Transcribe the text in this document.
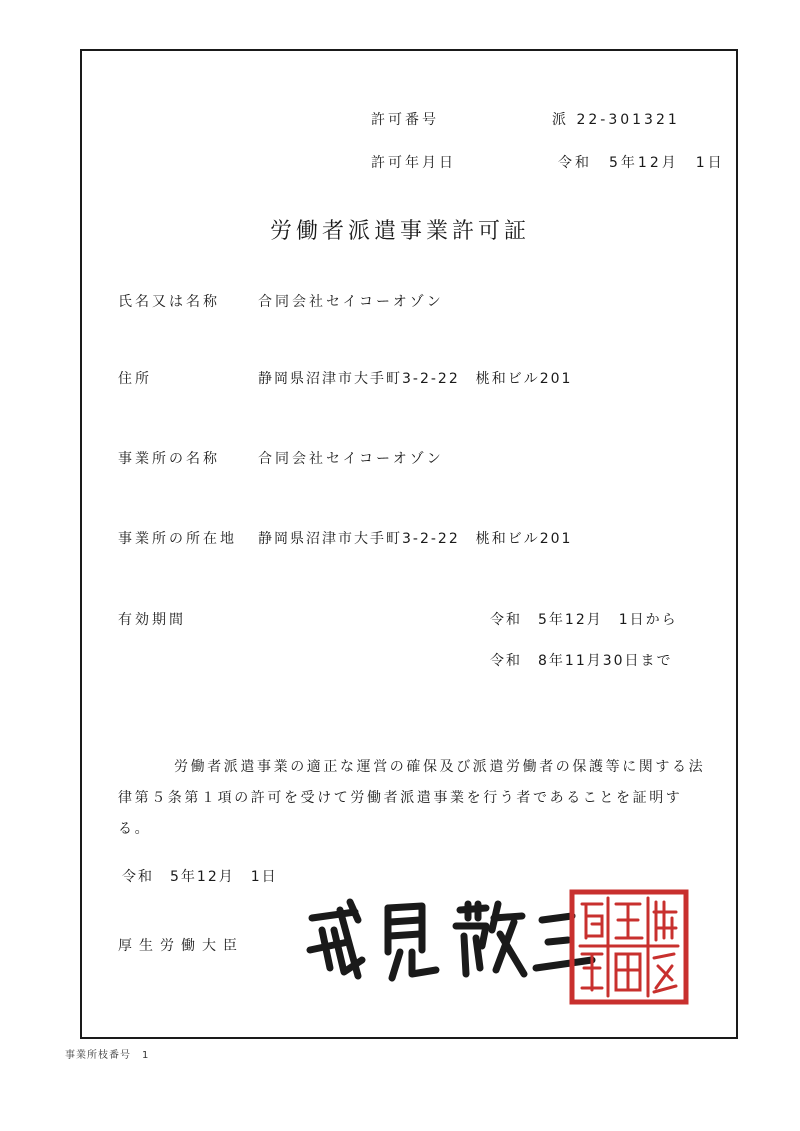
許可番号	派 22-301321
許可年月日	令和　5年12月　1日
労働者派遣事業許可証
氏名又は名称	合同会社セイコーオゾン
住所	静岡県沼津市大手町3-2-22　桃和ビル201
事業所の名称	合同会社セイコーオゾン
事業所の所在地 静岡県沼津市大手町3-2-22　桃和ビル201
有効期間	令和　5年12月　1日から
令和　8年11月30日まで
労働者派遣事業の適正な運営の確保及び派遣労働者の保護等に関する法律第５条第１項の許可を受けて労働者派遣事業を行う者であることを証明する。
令和　5年12月　1日
厚生労働大臣
事業所枝番号　1
